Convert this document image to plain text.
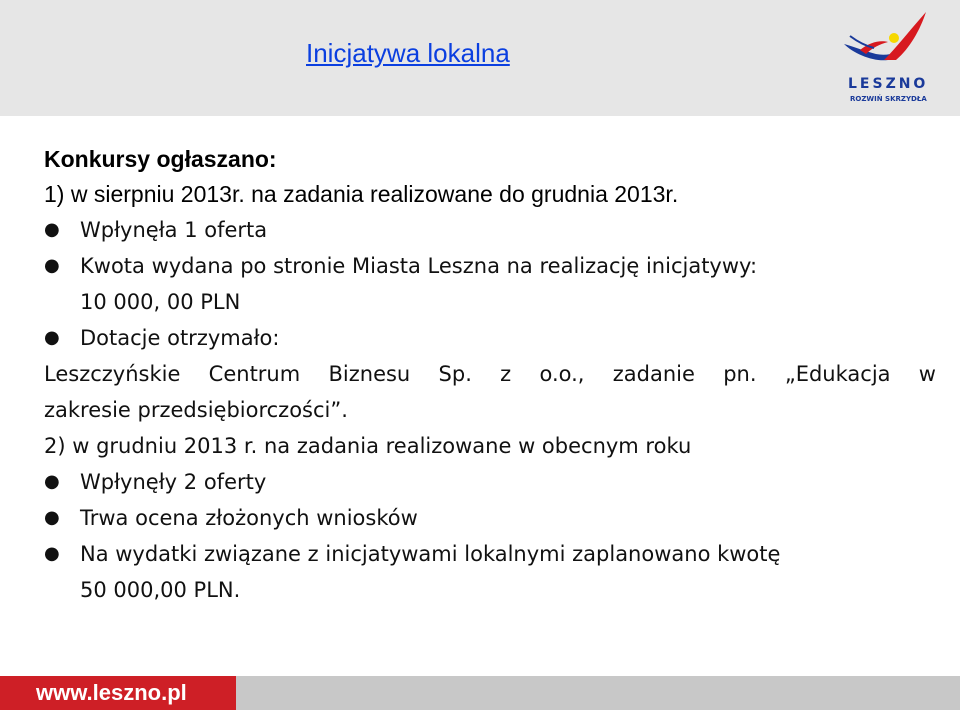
Inicjatywa lokalna
LESZNO
ROZWIŃ SKRZYDŁA
Konkursy ogłaszano:
1) w sierpniu 2013r. na zadania realizowane do grudnia 2013r.
● Wpłynęła 1 oferta
● Kwota wydana po stronie Miasta Leszna na realizację inicjatywy:
10 000, 00 PLN
● Dotacje otrzymało:
Leszczyńskie Centrum Biznesu Sp. z o.o., zadanie pn. „Edukacja w
zakresie przedsiębiorczości”.
2) w grudniu 2013 r. na zadania realizowane w obecnym roku
● Wpłynęły 2 oferty
● Trwa ocena złożonych wniosków
● Na wydatki związane z inicjatywami lokalnymi zaplanowano kwotę
50 000,00 PLN.
www.leszno.pl
